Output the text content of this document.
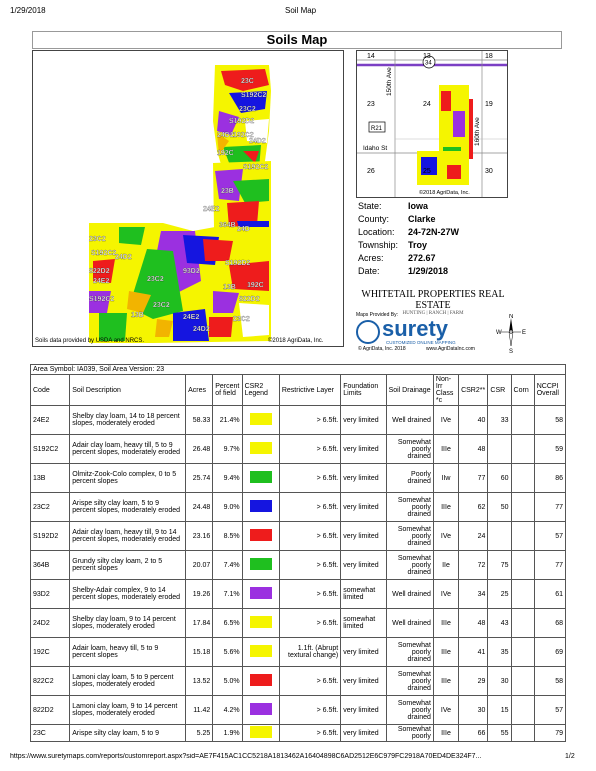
1/29/2018	Soil Map
Soils Map
23C
S192C2
23C2
S192D2
24D2 192C2
24D2
192C
S192C2
23B
24E2
364B
24D
23C2
S192C2
24D2
822D2
24E2
S192C2
93D2
23C2
13B
S192D2
822D2
23C2
24E2	23C2
13B
192C
24D2
Soils data provided by USDA and NRCS.	©2018 AgriData, Inc.
R21
34
14	13	18
23	24	19
26	25	30
150th Ave
160th Ave
Idaho St
©2018 AgriData, Inc.
State:	Iowa
County:	Clarke
Location:	24-72N-27W
Township:	Troy
Acres:	272.67
Date:	1/29/2018
WHITETAIL PROPERTIES REAL ESTATE
HUNTING | RANCH | FARM
Maps Provided By:
surety
CUSTOMIZED ONLINE MAPPING
© AgriData, Inc. 2018	www.AgriDataInc.com
N
E
S
W
Area Symbol: IA039, Soil Area Version: 23												
Code	Soil Description	Acres	Percent of field	CSR2 Legend	Restrictive Layer	Foundation Limits	Soil Drainage	Non-Irr Class *c	CSR2**	CSR	Corn	NCCPI Overall
24E2	Shelby clay loam, 14 to 18 percent slopes, moderately eroded	58.33	21.4%		> 6.5ft.	very limited	Well drained	IVe	40	33		58
S192C2	Adair clay loam, heavy till, 5 to 9 percent slopes, moderately eroded	26.48	9.7%		> 6.5ft.	very limited	Somewhat poorly drained	IIIe	48			59
13B	Olmitz-Zook-Colo complex, 0 to 5 percent slopes	25.74	9.4%		> 6.5ft.	very limited	Poorly drained	IIw	77	60		86
23C2	Arispe silty clay loam, 5 to 9 percent slopes, moderately eroded	24.48	9.0%		> 6.5ft.	very limited	Somewhat poorly drained	IIIe	62	50		77
S192D2	Adair clay loam, heavy till, 9 to 14 percent slopes, moderately eroded	23.16	8.5%		> 6.5ft.	very limited	Somewhat poorly drained	IVe	24			57
364B	Grundy silty clay loam, 2 to 5 percent slopes	20.07	7.4%		> 6.5ft.	very limited	Somewhat poorly drained	IIe	72	75		77
93D2	Shelby-Adair complex, 9 to 14 percent slopes, moderately eroded	19.26	7.1%		> 6.5ft.	somewhat limited	Well drained	IVe	34	25		61
24D2	Shelby clay loam, 9 to 14 percent slopes, moderately eroded	17.84	6.5%		> 6.5ft.	somewhat limited	Well drained	IIIe	48	43		68
192C	Adair loam, heavy till, 5 to 9 percent slopes	15.18	5.6%		1.1ft. (Abrupt textural change)	very limited	Somewhat poorly drained	IIIe	41	35		69
822C2	Lamoni clay loam, 5 to 9 percent slopes, moderately eroded	13.52	5.0%		> 6.5ft.	very limited	Somewhat poorly drained	IIIe	29	30		58
822D2	Lamoni clay loam, 9 to 14 percent slopes, moderately eroded	11.42	4.2%		> 6.5ft.	very limited	Somewhat poorly drained	IVe	30	15		57
23C	Arispe silty clay loam, 5 to 9	5.25	1.9%		> 6.5ft.	very limited	Somewhat poorly	IIIe	66	55		79
https://www.suretymaps.com/reports/customreport.aspx?sid=AE7F415AC1CC5218A1813462A16404898C6AD2512E6C979FC2918A70ED4DE324F7...	1/2
